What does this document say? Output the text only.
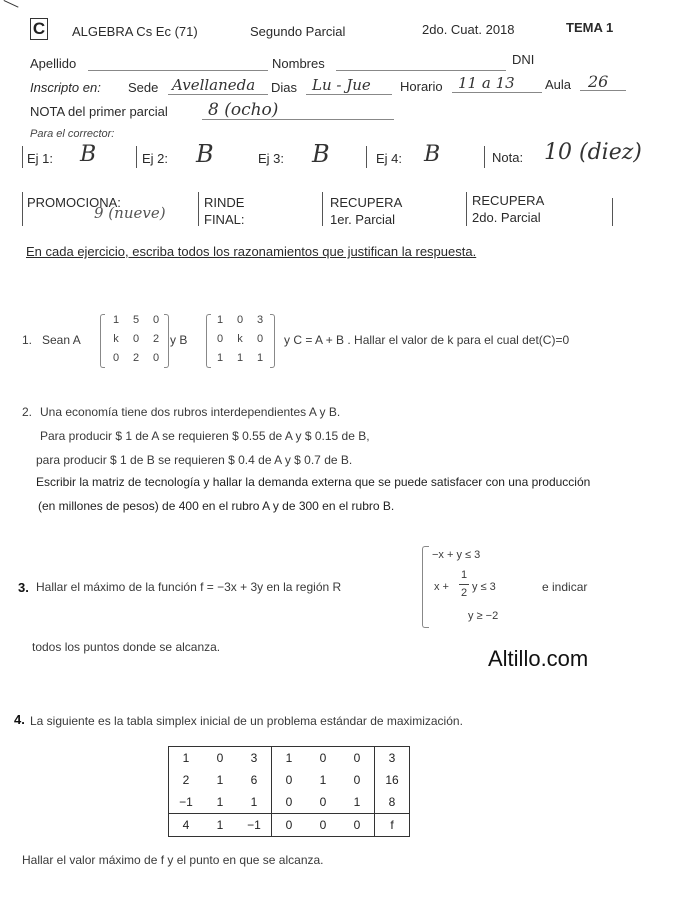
C ALGEBRA Cs Ec (71)	Segundo Parcial	2do. Cuat. 2018	TEMA 1
Apellido	Nombres	DNI
Inscripto en: Sede Avellaneda Dias Lu - Jue Horario 11 a 13 Aula 26
NOTA del primer parcial 8 (ocho)
Para el corrector:
Ej 1: B	Ej 2: B	Ej 3: B	Ej 4: B	Nota: 10 (diez)
PROMOCIONA:
9 (nueve)
RINDE
FINAL:
RECUPERA
1er. Parcial
RECUPERA
2do. Parcial
En cada ejercicio, escriba todos los razonamientos que justifican la respuesta.
1. Sean A
1 5 0
k 0 2
0 2 0
y B
1 0 3
0 k 0
1 1 1
y C = A + B . Hallar el valor de k para el cual det(C)=0
2. Una economía tiene dos rubros interdependientes A y B.
Para producir $ 1 de A se requieren $ 0.55 de A y $ 0.15 de B,
para producir $ 1 de B se requieren $ 0.4 de A y $ 0.7 de B.
Escribir la matriz de tecnología y hallar la demanda externa que se puede satisfacer con una producción
(en millones de pesos) de 400 en el rubro A y de 300 en el rubro B.
3. Hallar el máximo de la función f = −3x + 3y en la región R
−x + y ≤ 3
x +
1
2 y ≤ 3
y ≥ −2
e indicar
todos los puntos donde se alcanza.	Altillo.com
4. La siguiente es la tabla simplex inicial de un problema estándar de maximización.
1	0	3	1	0	0	3
2	1	6	0	1	0	16
−1	1	1	0	0	1	8
4	1	−1	0	0	0	f
Hallar el valor máximo de f y el punto en que se alcanza.
